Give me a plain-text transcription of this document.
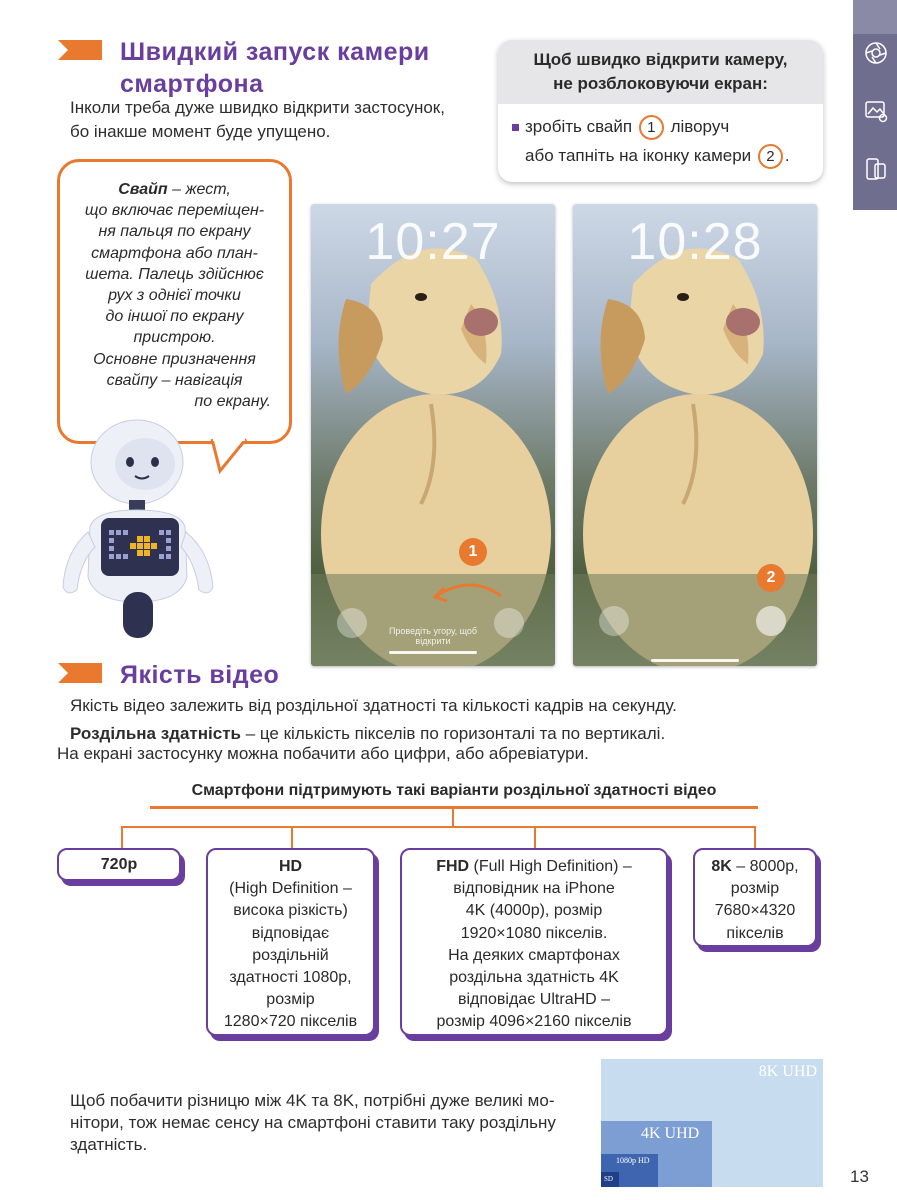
Швидкий запуск камери
смартфона
Інколи треба дуже швидко відкрити застосунок,
бо інакше момент буде упущено.
Щоб швидко відкрити камеру,
не розблоковуючи екран:
зробіть свайп 1 ліворуч
або тапніть на іконку камери 2 .
Свайп – жест,
що включає переміщен-
ня пальця по екрану
смартфона або план-
шета. Палець здійснює
рух з однієї точки
до іншої по екрану
пристрою.
Основне призначення
свайпу – навігація
по екрану.
10:27
1
Проведіть угору, щоб відкрити
10:28
2
Якість відео
Якість відео залежить від роздільної здатності та кількості кадрів на секунду.
Роздільна здатність – це кількість пікселів по горизонталі та по вертикалі.
На екрані застосунку можна побачити або цифри, або абревіатури.
Смартфони підтримують такі варіанти роздільної здатності відео
720p	HD
(High Definition –
висока різкість)
відповідає
роздільній
здатності 1080p,
розмір
1280×720 пікселів
FHD (Full High Definition) –
відповідник на iPhone
4K (4000p), розмір
1920×1080 пікселів.
На деяких смартфонах
роздільна здатність 4K
відповідає UltraHD –
розмір 4096×2160 пікселів
8K – 8000p,
розмір
7680×4320
пікселів
Щоб побачити різницю між 4K та 8K, потрібні дуже великі мо-
нітори, тож немає сенсу на смартфоні ставити таку роздільну
здатність.
8K UHD
4K UHD
1080p HD
SD	13
